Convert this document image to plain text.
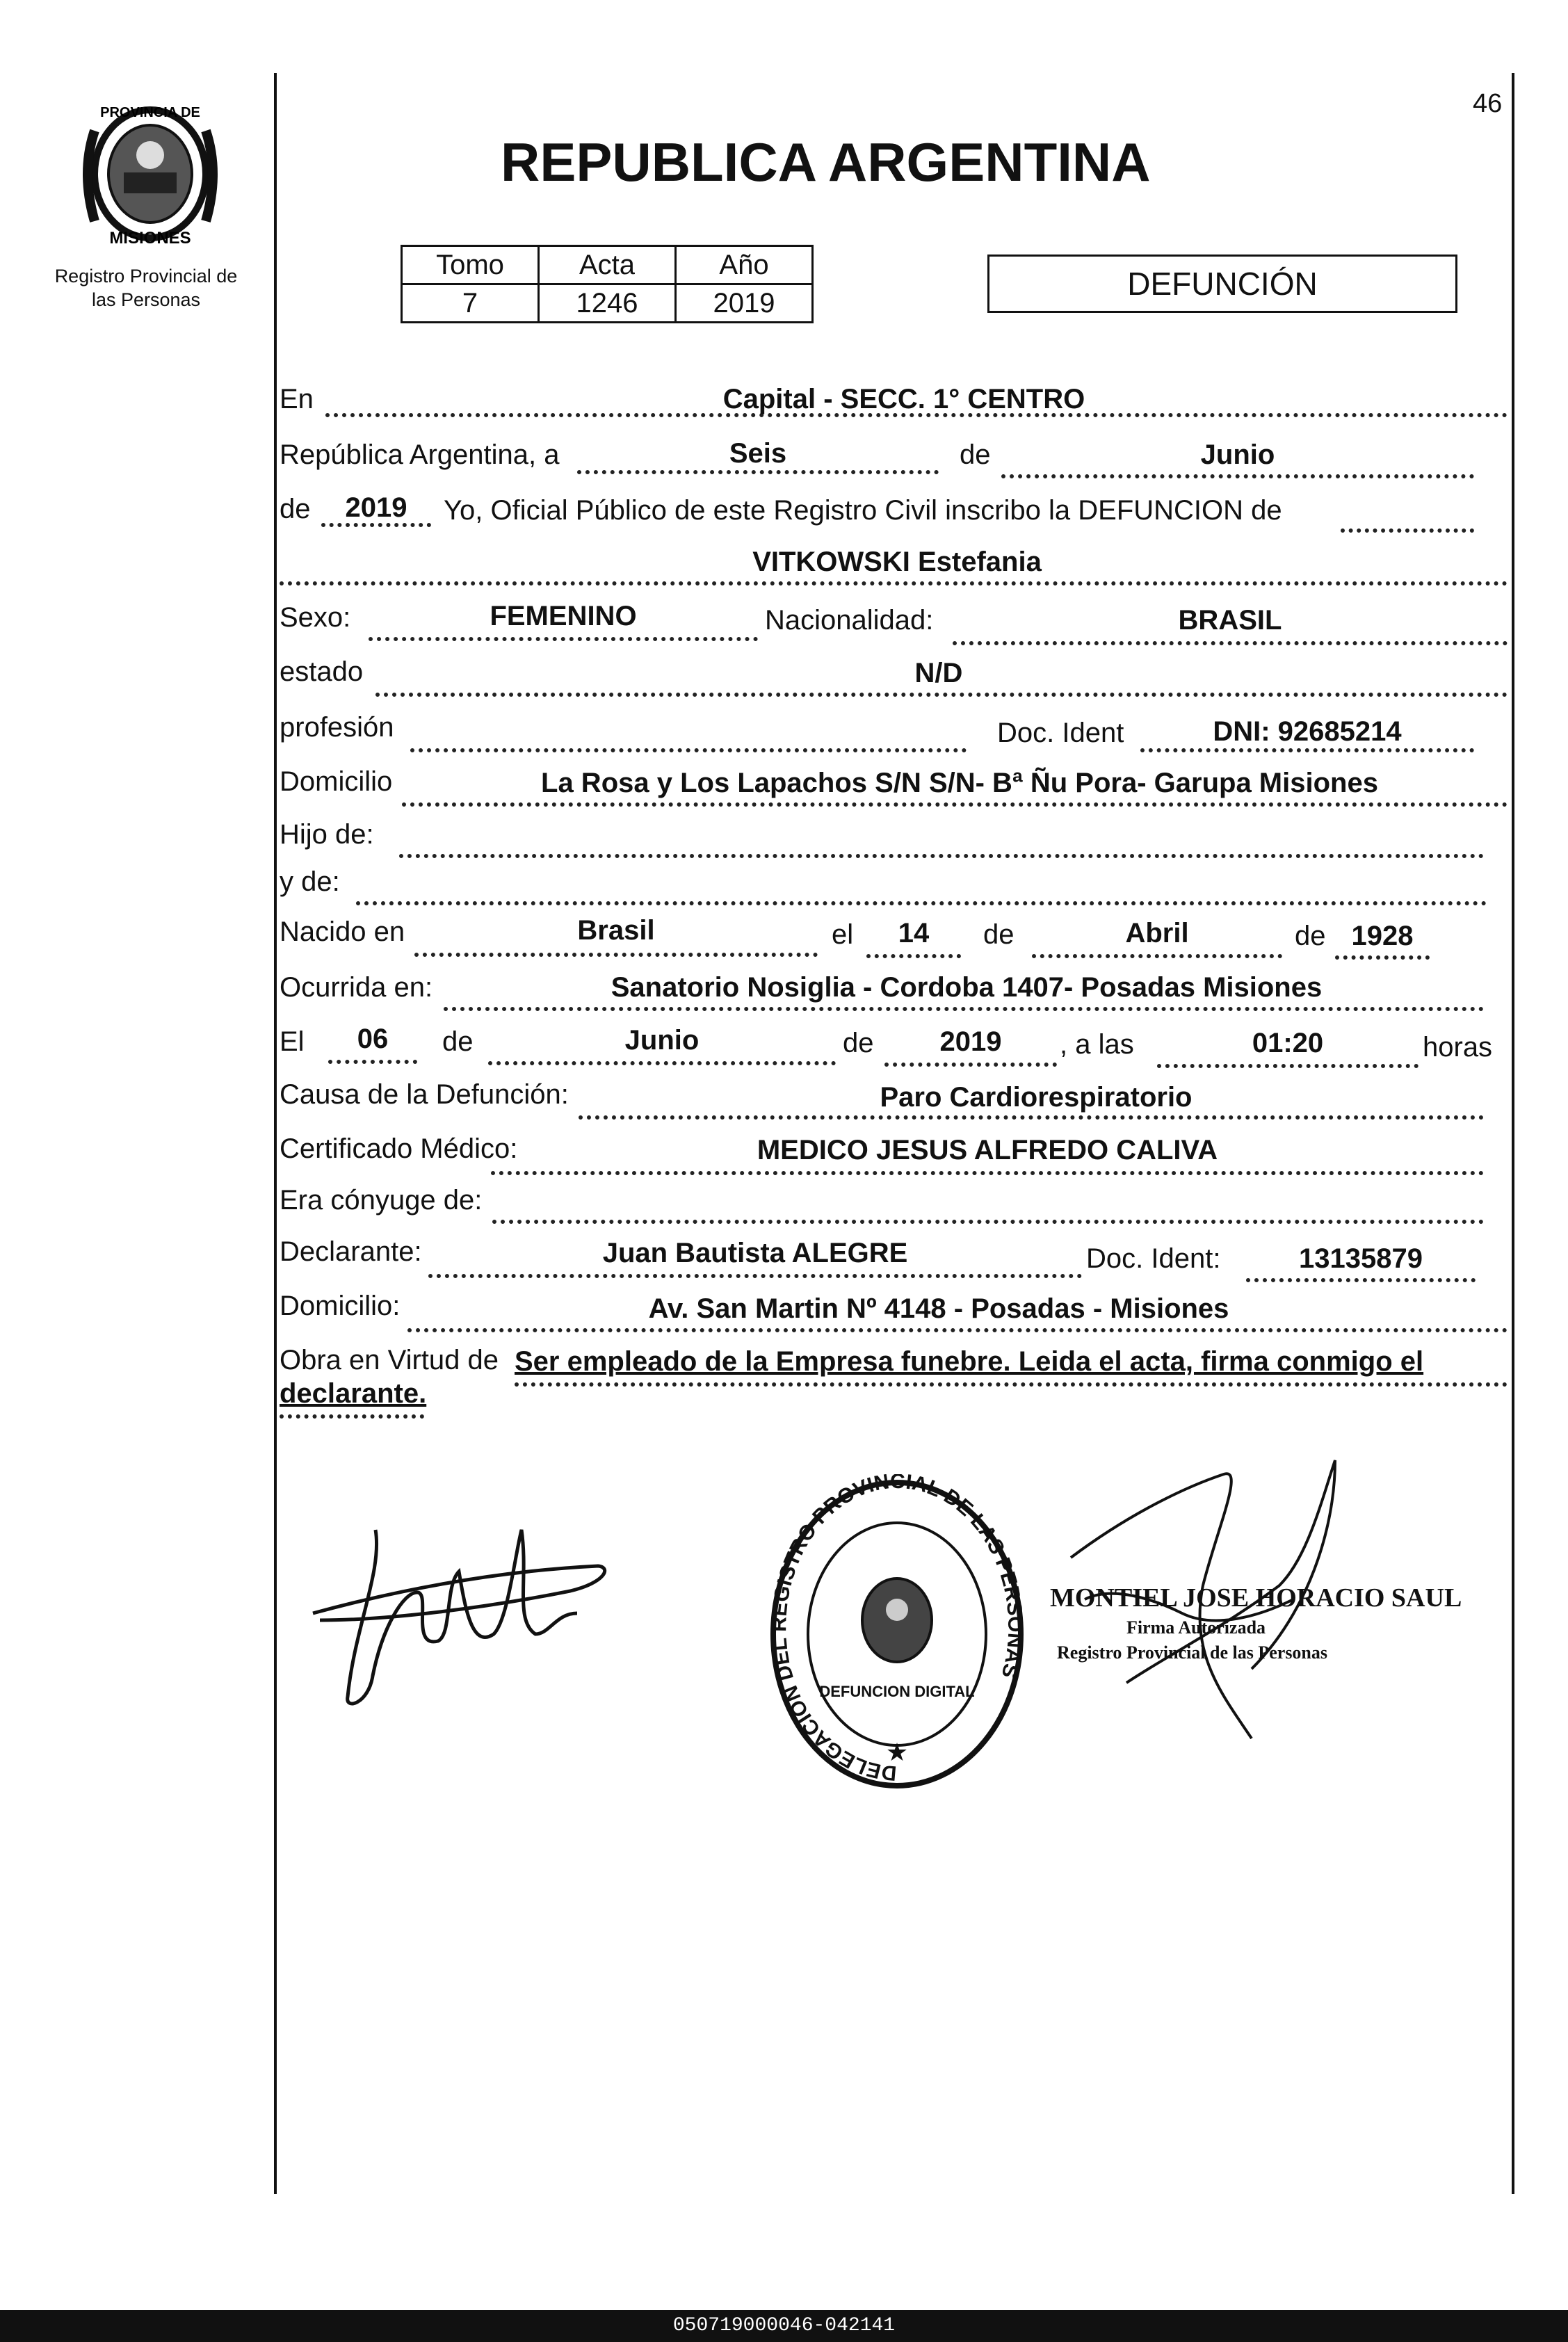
PROVINCIA DE
MISIONES
Registro Provincial de
las Personas
46
REPUBLICA ARGENTINA
Tomo	Acta	Año
7	1246	2019
DEFUNCIÓN
En	Capital - SECC. 1° CENTRO
República Argentina, a	Seis	de	Junio
de	2019	Yo, Oficial Público de este Registro Civil inscribo la DEFUNCION de
VITKOWSKI Estefania
Sexo:	FEMENINO	Nacionalidad:	BRASIL
estado	N/D
profesión	Doc. Ident	DNI: 92685214
Domicilio	La Rosa y Los Lapachos S/N S/N- Bª Ñu Pora- Garupa Misiones
Hijo de:
y de:
Nacido en	Brasil	el	14	de	Abril	de 1928
Ocurrida en:	Sanatorio Nosiglia - Cordoba 1407- Posadas Misiones
El	06	de	Junio	de	2019	, a las	01:20	horas
Causa de la Defunción:	Paro Cardiorespiratorio
Certificado Médico:	MEDICO JESUS ALFREDO CALIVA
Era cónyuge de:
Declarante:	Juan Bautista ALEGRE	Doc. Ident:	13135879
Domicilio:	Av. San Martin Nº 4148 - Posadas - Misiones
Obra en Virtud de Ser empleado de la Empresa funebre. Leida el acta, firma conmigo el
declarante.
DELEGACION DEL REGISTRO PROVINCIAL DE LAS PERSONAS
DEFUNCION DIGITAL
★
MONTIEL JOSE HORACIO SAUL
Firma Autorizada
Registro Provincial de las Personas
050719000046-042141
